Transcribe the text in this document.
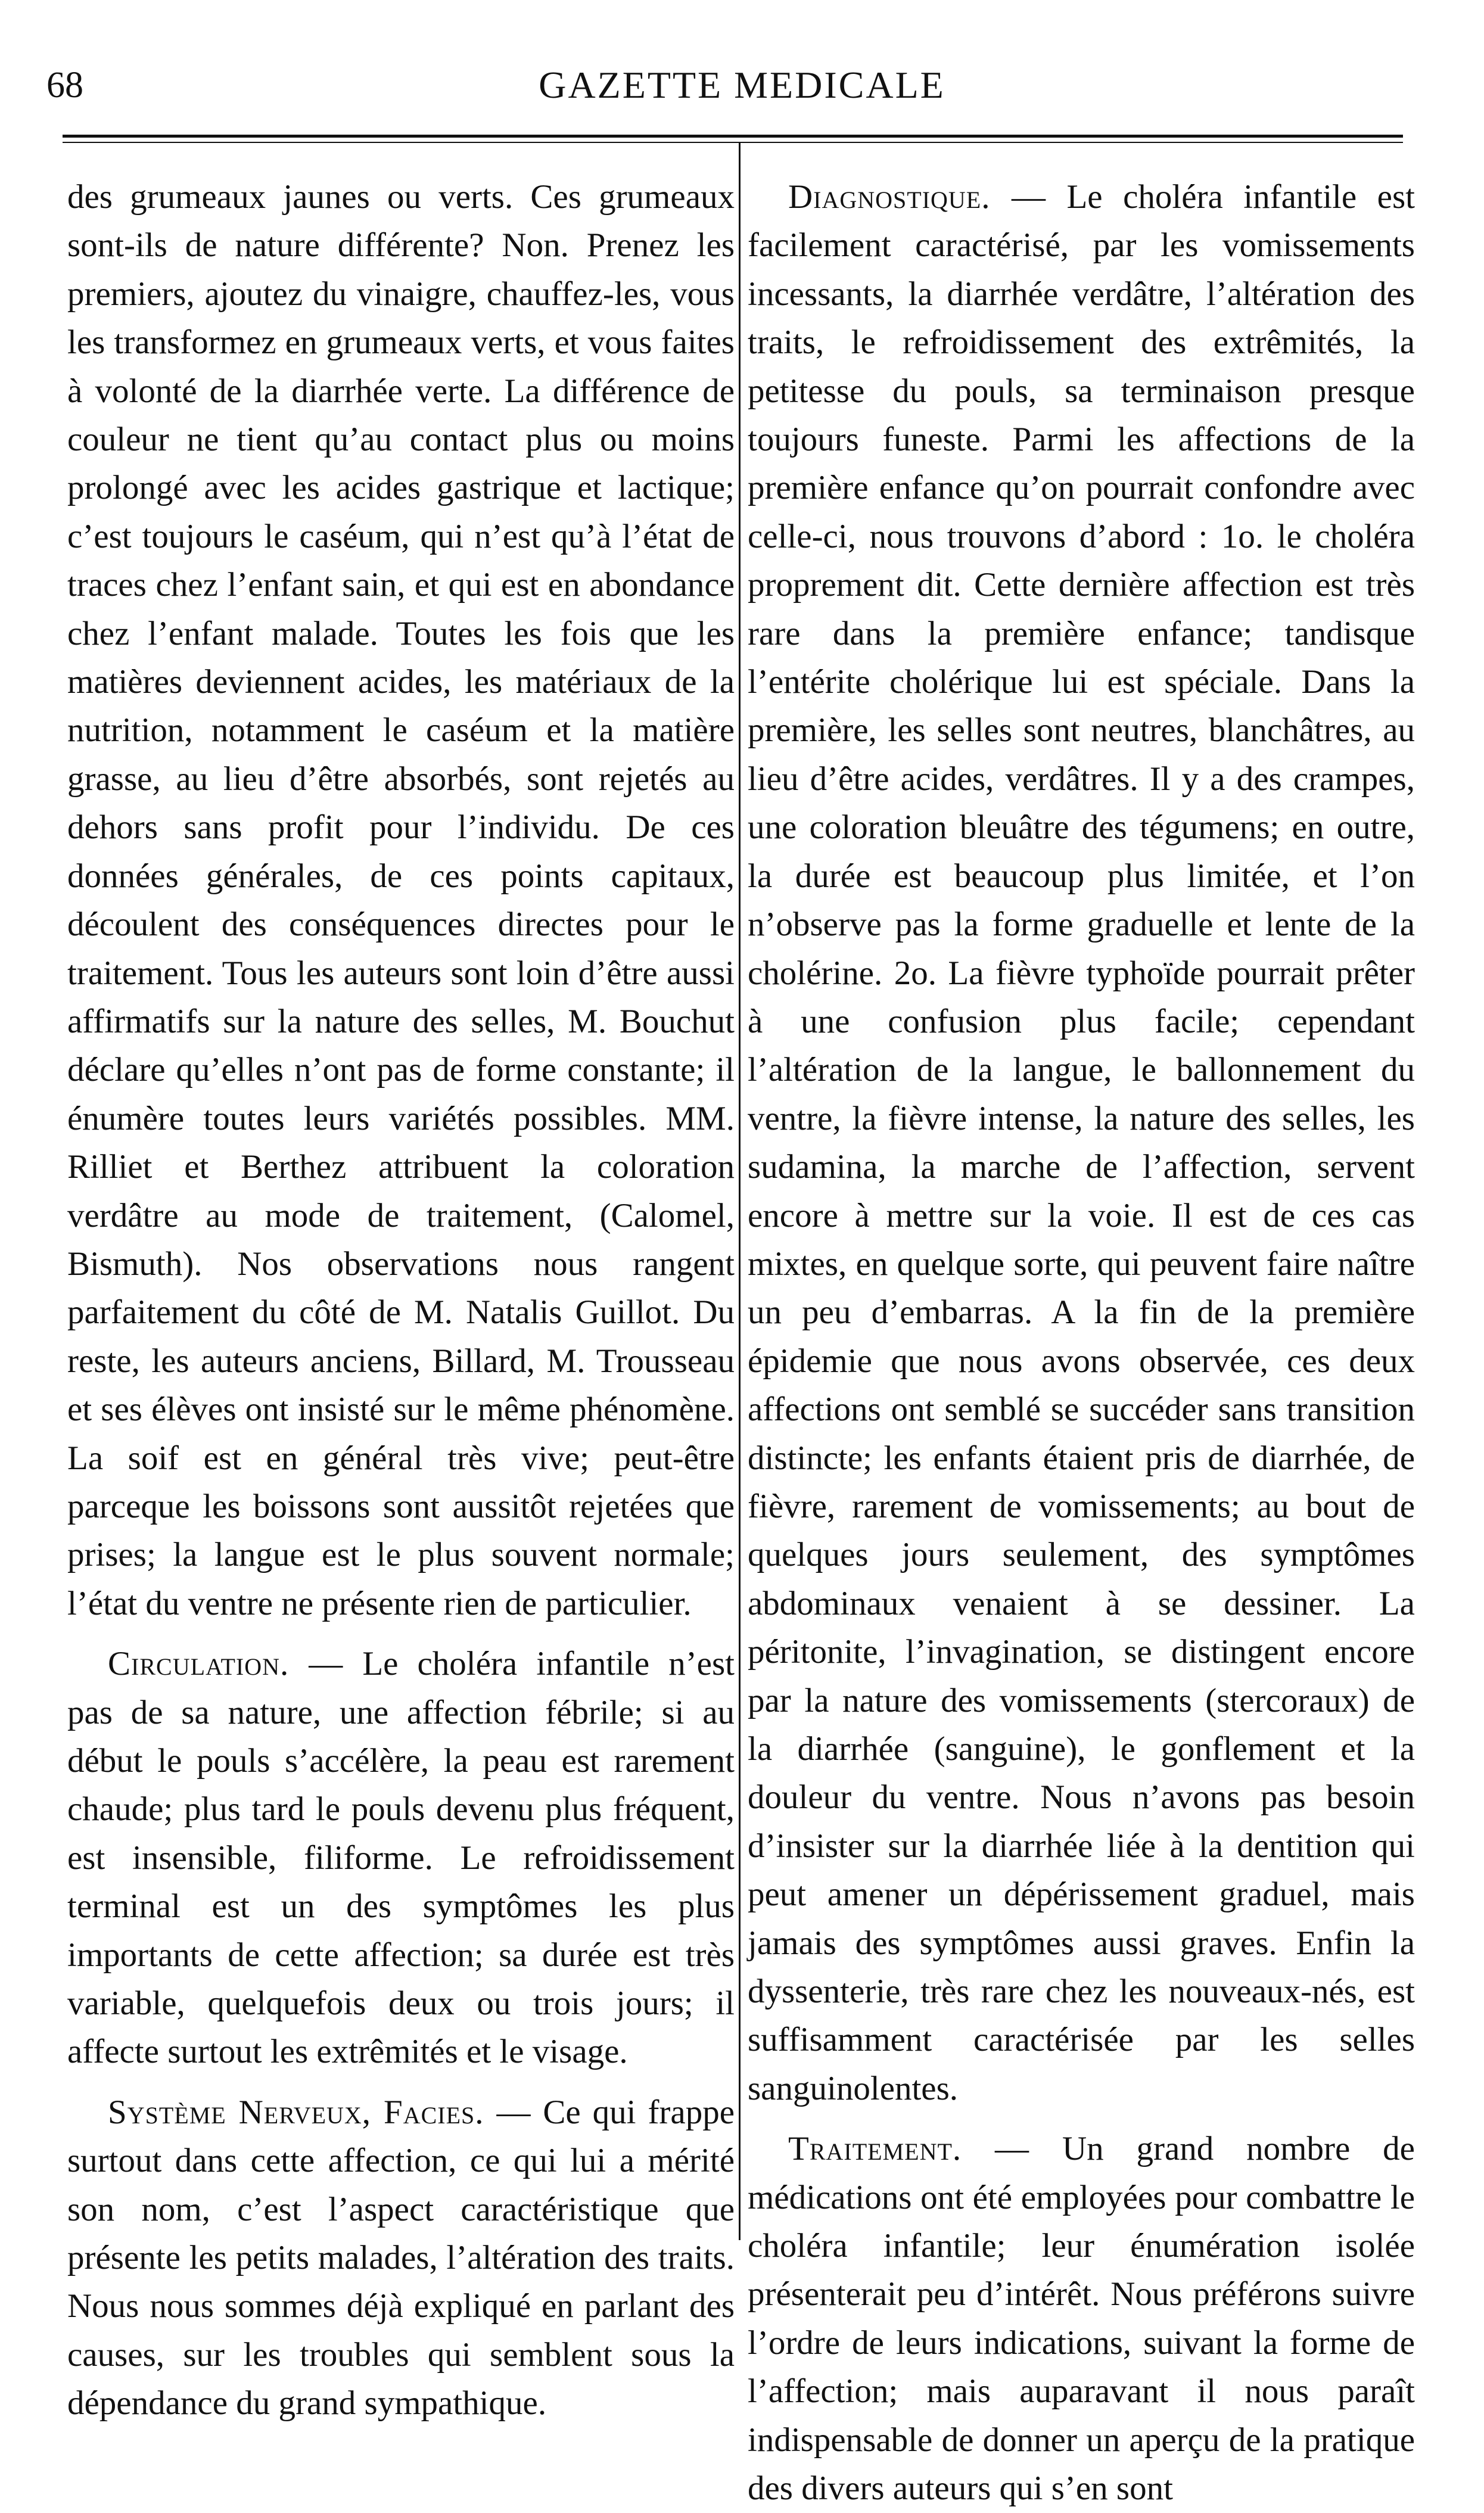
68	GAZETTE MEDICALE

des grumeaux jaunes ou verts. Ces grumeaux sont-ils de nature différente? Non. Prenez les premiers, ajoutez du vinaigre, chauffez-les, vous les transformez en grumeaux verts, et vous faites à volonté de la diarrhée verte. La différence de couleur ne tient qu’au contact plus ou moins prolongé avec les acides gastrique et lactique; c’est toujours le caséum, qui n’est qu’à l’état de traces chez l’enfant sain, et qui est en abondance chez l’enfant malade. Toutes les fois que les matières deviennent acides, les matériaux de la nutrition, notamment le caséum et la matière grasse, au lieu d’être absorbés, sont rejetés au dehors sans profit pour l’individu. De ces données générales, de ces points capitaux, découlent des conséquences directes pour le traitement. Tous les auteurs sont loin d’être aussi affirmatifs sur la nature des selles, M. Bouchut déclare qu’elles n’ont pas de forme constante; il énumère toutes leurs variétés possibles. MM. Rilliet et Berthez attribuent la coloration verdâtre au mode de traitement, (Calomel, Bismuth). Nos observations nous rangent parfaitement du côté de M. Natalis Guillot. Du reste, les auteurs anciens, Billard, M. Trousseau et ses élèves ont insisté sur le même phénomène. La soif est en général très vive; peut-être parceque les boissons sont aussitôt rejetées que prises; la langue est le plus souvent normale; l’état du ventre ne présente rien de particulier.

Circulation. — Le choléra infantile n’est pas de sa nature, une affection fébrile; si au début le pouls s’accélère, la peau est rarement chaude; plus tard le pouls devenu plus fréquent, est insensible, filiforme. Le refroidissement terminal est un des symptômes les plus importants de cette affection; sa durée est très variable, quelquefois deux ou trois jours; il affecte surtout les extrêmités et le visage.

Système Nerveux, Facies. — Ce qui frappe surtout dans cette affection, ce qui lui a mérité son nom, c’est l’aspect caractéristique que présente les petits malades, l’altération des traits. Nous nous sommes déjà expliqué en parlant des causes, sur les troubles qui semblent sous la dépendance du grand sympathique.

Diagnostique. — Le choléra infantile est facilement caractérisé, par les vomissements incessants, la diarrhée verdâtre, l’altération des traits, le refroidissement des extrêmités, la petitesse du pouls, sa terminaison presque toujours funeste. Parmi les affections de la première enfance qu’on pourrait confondre avec celle-ci, nous trouvons d’abord : 1o. le choléra proprement dit. Cette dernière affection est très rare dans la première enfance; tandisque l’entérite cholérique lui est spéciale. Dans la première, les selles sont neutres, blanchâtres, au lieu d’être acides, verdâtres. Il y a des crampes, une coloration bleuâtre des tégumens; en outre, la durée est beaucoup plus limitée, et l’on n’observe pas la forme graduelle et lente de la cholérine. 2o. La fièvre typhoïde pourrait prêter à une confusion plus facile; cependant l’altération de la langue, le ballonnement du ventre, la fièvre intense, la nature des selles, les sudamina, la marche de l’affection, servent encore à mettre sur la voie. Il est de ces cas mixtes, en quelque sorte, qui peuvent faire naître un peu d’embarras. A la fin de la première épidemie que nous avons observée, ces deux affections ont semblé se succéder sans transition distincte; les enfants étaient pris de diarrhée, de fièvre, rarement de vomissements; au bout de quelques jours seulement, des symptômes abdominaux venaient à se dessiner. La péritonite, l’invagination, se distingent encore par la nature des vomissements (stercoraux) de la diarrhée (sanguine), le gonflement et la douleur du ventre. Nous n’avons pas besoin d’insister sur la diarrhée liée à la dentition qui peut amener un dépérissement graduel, mais jamais des symptômes aussi graves. Enfin la dyssenterie, très rare chez les nouveaux-nés, est suffisamment caractérisée par les selles sanguinolentes.

Traitement. — Un grand nombre de médications ont été employées pour combattre le choléra infantile; leur énumération isolée présenterait peu d’intérêt. Nous préférons suivre l’ordre de leurs indications, suivant la forme de l’affection; mais auparavant il nous paraît indispensable de donner un aperçu de la pratique des divers auteurs qui s’en sont
